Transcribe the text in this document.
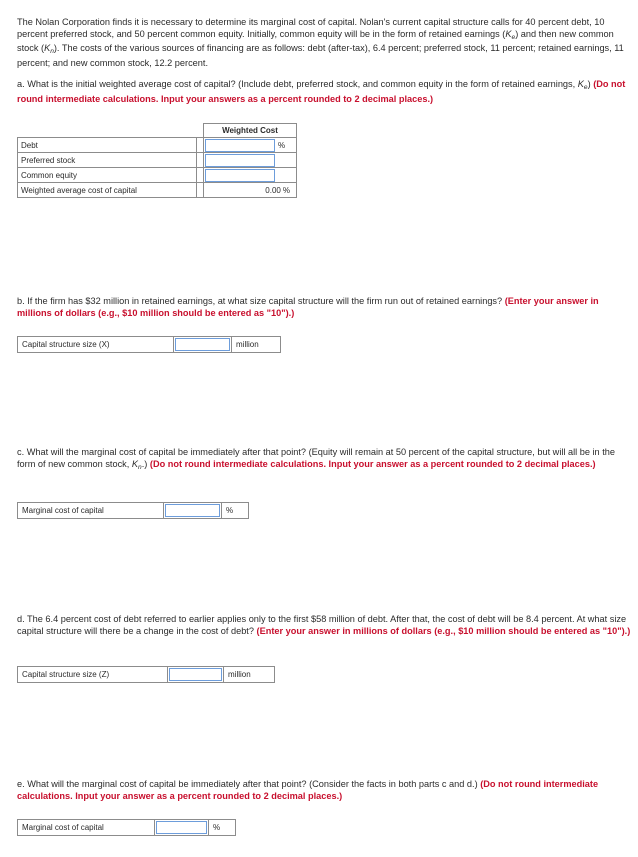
The Nolan Corporation finds it is necessary to determine its marginal cost of capital. Nolan's current capital structure calls for 40 percent debt, 10 percent preferred stock, and 50 percent common equity. Initially, common equity will be in the form of retained earnings $(K_e)$ and then new common stock $(K_n)$. The costs of the various sources of financing are as follows: debt (after-tax), 6.4 percent; preferred stock, 11 percent; retained earnings, 11 percent; and new common stock, 12.2 percent.

a. What is the initial weighted average cost of capital? (Include debt, preferred stock, and common equity in the form of retained earnings, $K_e$) (Do not round intermediate calculations. Input your answers as a percent rounded to 2 decimal places.)

		Weighted Cost
Debt		%

Preferred stock		

Common equity		

Weighted average cost of capital		0.00 %

b. If the firm has $32 million in retained earnings, at what size capital structure will the firm run out of retained earnings? (Enter your answer in millions of dollars (e.g., $10 million should be entered as "10").)

Capital structure size (X)	million

c. What will the marginal cost of capital be immediately after that point? (Equity will remain at 50 percent of the capital structure, but will all be in the form of new common stock, $K_n$.) (Do not round intermediate calculations. Input your answer as a percent rounded to 2 decimal places.)

Marginal cost of capital	%

d. The 6.4 percent cost of debt referred to earlier applies only to the first $58 million of debt. After that, the cost of debt will be 8.4 percent. At what size capital structure will there be a change in the cost of debt? (Enter your answer in millions of dollars (e.g., $10 million should be entered as "10").)

Capital structure size (Z)	million

e. What will the marginal cost of capital be immediately after that point? (Consider the facts in both parts c and d.) (Do not round intermediate calculations. Input your answer as a percent rounded to 2 decimal places.)

Marginal cost of capital	%
